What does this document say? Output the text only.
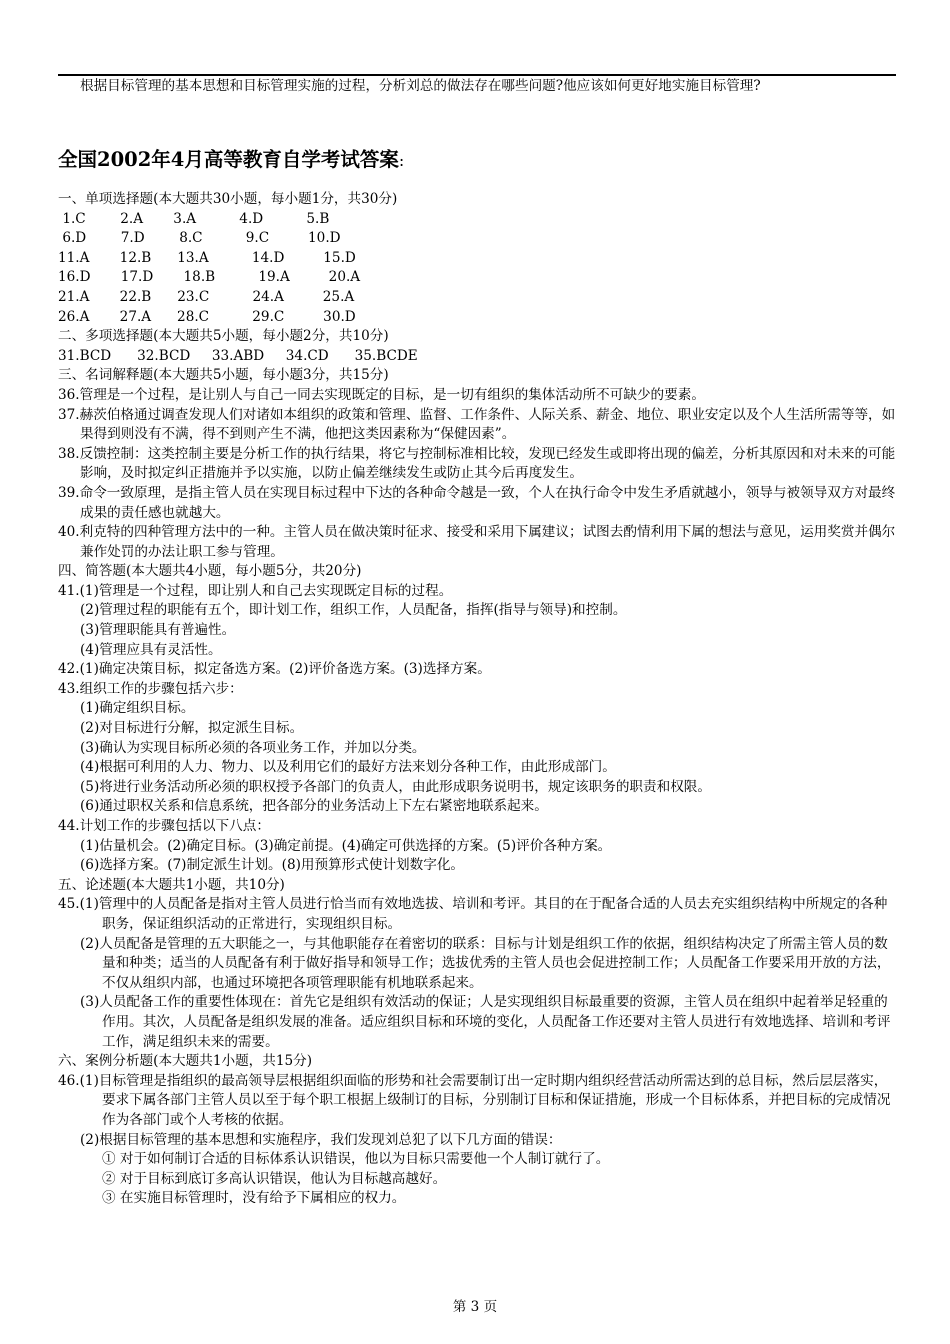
根据目标管理的基本思想和目标管理实施的过程，分析刘总的做法存在哪些问题?他应该如何更好地实施目标管理?
全国2002年4月高等教育自学考试答案:

一、单项选择题(本大题共30小题，每小题1分，共30分)

1.C        2.A       3.A          4.D          5.B

6.D        7.D        8.C          9.C         10.D

11.A       12.B      13.A          14.D         15.D

16.D       17.D       18.B          19.A         20.A

21.A       22.B      23.C          24.A         25.A

26.A       27.A      28.C          29.C         30.D

二、多项选择题(本大题共5小题，每小题2分，共10分)

31.BCD      32.BCD     33.ABD     34.CD      35.BCDE

三、名词解释题(本大题共5小题，每小题3分，共15分)

36.管理是一个过程，是让别人与自己一同去实现既定的目标，是一切有组织的集体活动所不可缺少的要素。

37.赫茨伯格通过调查发现人们对诸如本组织的政策和管理、监督、工作条件、人际关系、薪金、地位、职业安定以及个人生活所需等等，如果得到则没有不满，得不到则产生不满，他把这类因素称为“保健因素”。

38.反馈控制：这类控制主要是分析工作的执行结果，将它与控制标准相比较，发现已经发生或即将出现的偏差，分析其原因和对未来的可能影响，及时拟定纠正措施并予以实施，以防止偏差继续发生或防止其今后再度发生。

39.命令一致原理，是指主管人员在实现目标过程中下达的各种命令越是一致，个人在执行命令中发生矛盾就越小，领导与被领导双方对最终成果的责任感也就越大。

40.利克特的四种管理方法中的一种。主管人员在做决策时征求、接受和采用下属建议；试图去酌情利用下属的想法与意见，运用奖赏并偶尔兼作处罚的办法让职工参与管理。

四、简答题(本大题共4小题，每小题5分，共20分)

41.(1)管理是一个过程，即让别人和自己去实现既定目标的过程。

(2)管理过程的职能有五个，即计划工作，组织工作，人员配备，指挥(指导与领导)和控制。

(3)管理职能具有普遍性。

(4)管理应具有灵活性。

42.(1)确定决策目标，拟定备选方案。(2)评价备选方案。(3)选择方案。

43.组织工作的步骤包括六步：

(1)确定组织目标。

(2)对目标进行分解，拟定派生目标。

(3)确认为实现目标所必须的各项业务工作，并加以分类。

(4)根据可利用的人力、物力、以及利用它们的最好方法来划分各种工作，由此形成部门。

(5)将进行业务活动所必须的职权授予各部门的负责人，由此形成职务说明书，规定该职务的职责和权限。

(6)通过职权关系和信息系统，把各部分的业务活动上下左右紧密地联系起来。

44.计划工作的步骤包括以下八点：

(1)估量机会。(2)确定目标。(3)确定前提。(4)确定可供选择的方案。(5)评价各种方案。

(6)选择方案。(7)制定派生计划。(8)用预算形式使计划数字化。

五、论述题(本大题共1小题，共10分)

45.(1)管理中的人员配备是指对主管人员进行恰当而有效地选拔、培训和考评。其目的在于配备合适的人员去充实组织结构中所规定的各种职务，保证组织活动的正常进行，实现组织目标。

(2)人员配备是管理的五大职能之一，与其他职能存在着密切的联系：目标与计划是组织工作的依据，组织结构决定了所需主管人员的数量和种类；适当的人员配备有利于做好指导和领导工作；选拔优秀的主管人员也会促进控制工作；人员配备工作要采用开放的方法，不仅从组织内部，也通过环境把各项管理职能有机地联系起来。

(3)人员配备工作的重要性体现在：首先它是组织有效活动的保证；人是实现组织目标最重要的资源，主管人员在组织中起着举足轻重的作用。其次，人员配备是组织发展的准备。适应组织目标和环境的变化，人员配备工作还要对主管人员进行有效地选择、培训和考评工作，满足组织未来的需要。

六、案例分析题(本大题共1小题，共15分)

46.(1)目标管理是指组织的最高领导层根据组织面临的形势和社会需要制订出一定时期内组织经营活动所需达到的总目标，然后层层落实，要求下属各部门主管人员以至于每个职工根据上级制订的目标，分别制订目标和保证措施，形成一个目标体系，并把目标的完成情况作为各部门或个人考核的依据。

(2)根据目标管理的基本思想和实施程序，我们发现刘总犯了以下几方面的错误：

① 对于如何制订合适的目标体系认识错误，他以为目标只需要他一个人制订就行了。

② 对于目标到底订多高认识错误，他认为目标越高越好。

③ 在实施目标管理时，没有给予下属相应的权力。

第 3 页
